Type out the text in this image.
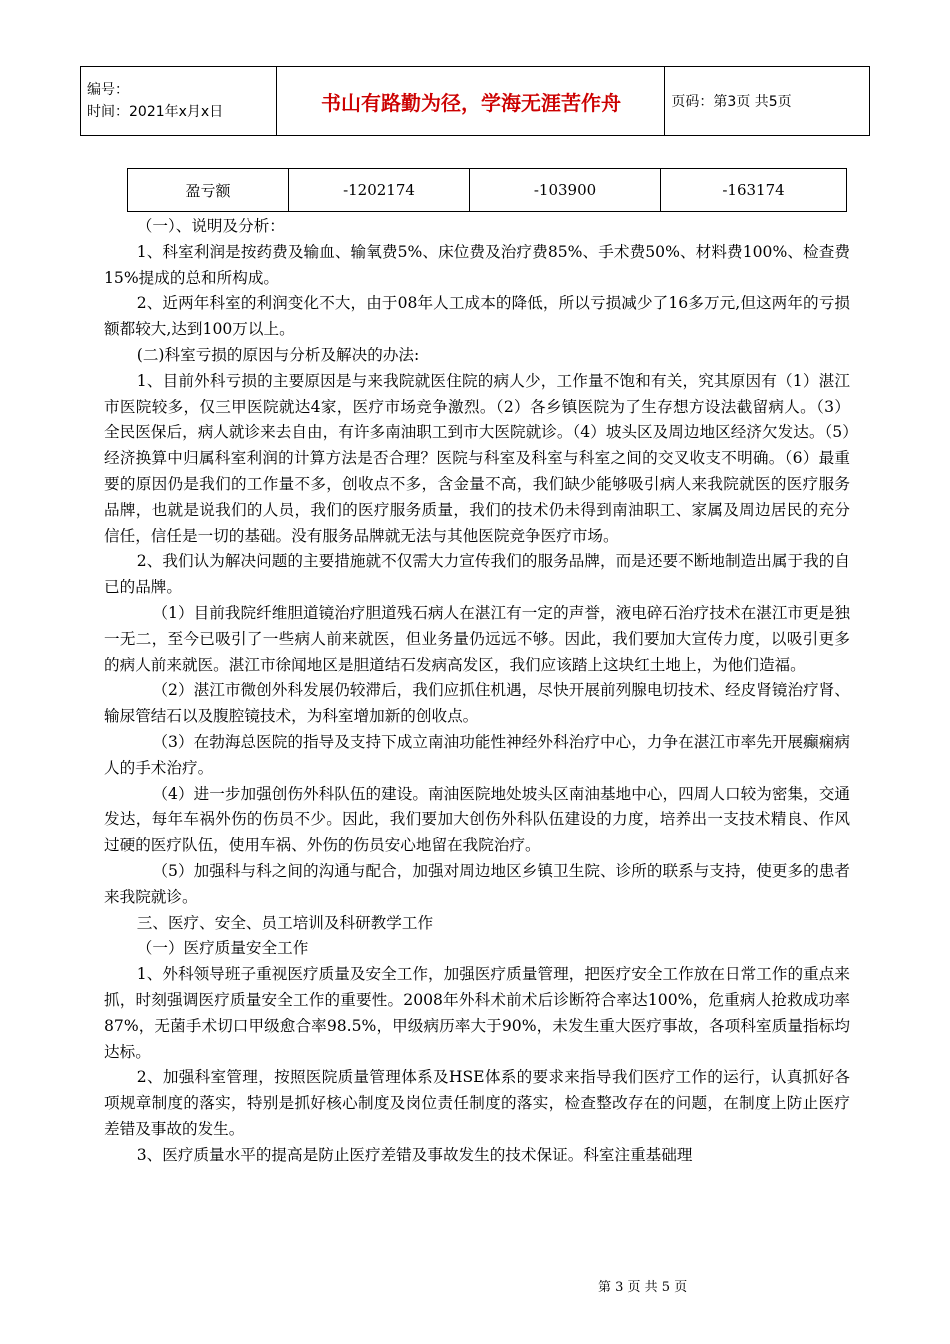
编号：
时间：2021年x月x日	书山有路勤为径，学海无涯苦作舟	页码：第3页 共5页
盈亏额	-1202174	-103900	-163174

（一）、说明及分析：

1、科室利润是按药费及输血、输氧费5%、床位费及治疗费85%、手术费50%、材料费100%、检查费15%提成的总和所构成。

2、近两年科室的利润变化不大，由于08年人工成本的降低，所以亏损减少了16多万元,但这两年的亏损额都较大,达到100万以上。

(二)科室亏损的原因与分析及解决的办法:

1、目前外科亏损的主要原因是与来我院就医住院的病人少，工作量不饱和有关，究其原因有（1）湛江市医院较多，仅三甲医院就达4家，医疗市场竞争激烈。（2）各乡镇医院为了生存想方设法截留病人。（3）全民医保后，病人就诊来去自由，有许多南油职工到市大医院就诊。（4）坡头区及周边地区经济欠发达。（5）经济换算中归属科室利润的计算方法是否合理？医院与科室及科室与科室之间的交叉收支不明确。（6）最重要的原因仍是我们的工作量不多，创收点不多，含金量不高，我们缺少能够吸引病人来我院就医的医疗服务品牌，也就是说我们的人员，我们的医疗服务质量，我们的技术仍未得到南油职工、家属及周边居民的充分信任，信任是一切的基础。没有服务品牌就无法与其他医院竞争医疗市场。

2、我们认为解决问题的主要措施就不仅需大力宣传我们的服务品牌，而是还要不断地制造出属于我的自已的品牌。

（1）目前我院纤维胆道镜治疗胆道残石病人在湛江有一定的声誉，液电碎石治疗技术在湛江市更是独一无二，至今已吸引了一些病人前来就医，但业务量仍远远不够。因此，我们要加大宣传力度，以吸引更多的病人前来就医。湛江市徐闻地区是胆道结石发病高发区，我们应该踏上这块红土地上，为他们造福。

（2）湛江市微创外科发展仍较滞后，我们应抓住机遇，尽快开展前列腺电切技术、经皮肾镜治疗肾、输尿管结石以及腹腔镜技术，为科室增加新的创收点。

（3）在勃海总医院的指导及支持下成立南油功能性神经外科治疗中心，力争在湛江市率先开展癫痫病人的手术治疗。

（4）进一步加强创伤外科队伍的建设。南油医院地处坡头区南油基地中心，四周人口较为密集，交通发达，每年车祸外伤的伤员不少。因此，我们要加大创伤外科队伍建设的力度，培养出一支技术精良、作风过硬的医疗队伍，使用车祸、外伤的伤员安心地留在我院治疗。

（5）加强科与科之间的沟通与配合，加强对周边地区乡镇卫生院、诊所的联系与支持，使更多的患者来我院就诊。

三、医疗、安全、员工培训及科研教学工作

（一）医疗质量安全工作

1、外科领导班子重视医疗质量及安全工作，加强医疗质量管理，把医疗安全工作放在日常工作的重点来抓，时刻强调医疗质量安全工作的重要性。2008年外科术前术后诊断符合率达100%，危重病人抢救成功率87%，无菌手术切口甲级愈合率98.5%，甲级病历率大于90%，未发生重大医疗事故，各项科室质量指标均达标。

2、加强科室管理，按照医院质量管理体系及HSE体系的要求来指导我们医疗工作的运行，认真抓好各项规章制度的落实，特别是抓好核心制度及岗位责任制度的落实，检查整改存在的问题，在制度上防止医疗差错及事故的发生。

3、医疗质量水平的提高是防止医疗差错及事故发生的技术保证。科室注重基础理

第 3 页 共 5 页
